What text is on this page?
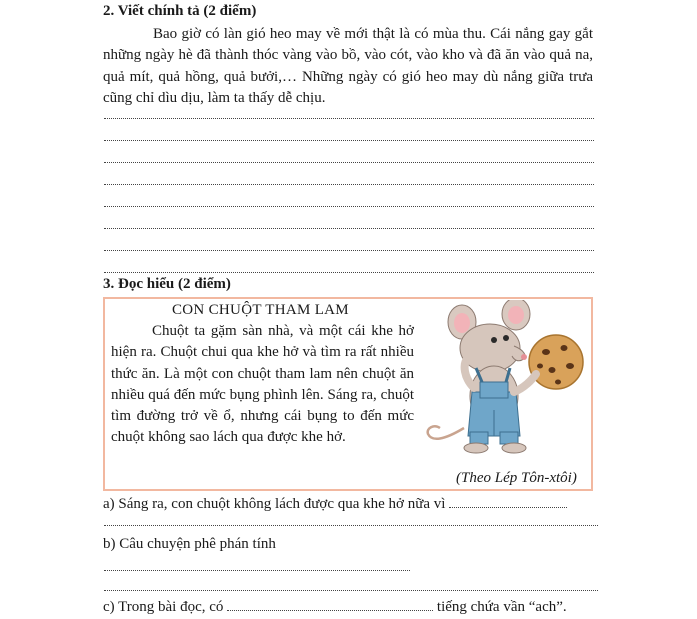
2. Viết chính tả (2 điểm)
Bao giờ có làn gió heo may về mới thật là có mùa thu. Cái nắng gay gắt những ngày hè đã thành thóc vàng vào bồ, vào cót, vào kho và đã ăn vào quả na, quả mít, quả hồng, quả bưởi,… Những ngày có gió heo may dù nắng giữa trưa cũng chỉ dìu dịu, làm ta thấy dễ chịu.
3. Đọc hiểu (2 điểm)
CON CHUỘT THAM LAM
Chuột ta gặm sàn nhà, và một cái khe hở hiện ra. Chuột chui qua khe hở và tìm ra rất nhiều thức ăn. Là một con chuột tham lam nên chuột ăn nhiều quá đến mức bụng phình lên. Sáng ra, chuột tìm đường trở về ổ, nhưng cái bụng to đến mức chuột không sao lách qua được khe hở.
(Theo Lép Tôn-xtôi)
a) Sáng ra, con chuột không lách được qua khe hở nữa vì
b) Câu chuyện phê phán tính
c) Trong bài đọc, có	tiếng chứa vần “ach”.
